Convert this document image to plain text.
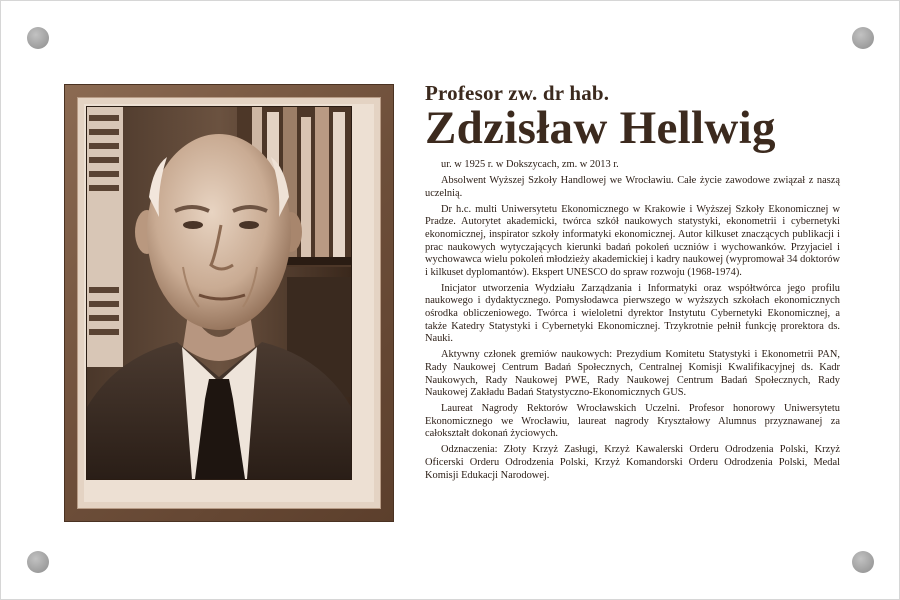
Profesor zw. dr hab.
Zdzisław Hellwig

ur. w 1925 r. w Dokszycach, zm. w 2013 r.

Absolwent Wyższej Szkoły Handlowej we Wrocławiu. Całe życie zawodowe związał z naszą uczelnią.

Dr h.c. multi Uniwersytetu Ekonomicznego w Krakowie i Wyższej Szkoły Ekonomicznej w Pradze. Autorytet akademicki, twórca szkół naukowych statystyki, ekonometrii i cybernetyki ekonomicznej, inspirator szkoły informatyki ekonomicznej. Autor kilkuset znaczących publikacji i prac naukowych wytyczających kierunki badań pokoleń uczniów i wychowanków. Przyjaciel i wychowawca wielu pokoleń młodzieży akademickiej i kadry naukowej (wypromował 34 doktorów i kilkuset dyplomantów). Ekspert UNESCO do spraw rozwoju (1968-1974).

Inicjator utworzenia Wydziału Zarządzania i Informatyki oraz współtwórca jego profilu naukowego i dydaktycznego. Pomysłodawca pierwszego w wyższych szkołach ekonomicznych ośrodka obliczeniowego. Twórca i wieloletni dyrektor Instytutu Cybernetyki Ekonomicznej, a także Katedry Statystyki i Cybernetyki Ekonomicznej. Trzykrotnie pełnił funkcję prorektora ds. Nauki.

Aktywny członek gremiów naukowych: Prezydium Komitetu Statystyki i Ekonometrii PAN, Rady Naukowej Centrum Badań Społecznych, Centralnej Komisji Kwalifikacyjnej ds. Kadr Naukowych, Rady Naukowej PWE, Rady Naukowej Centrum Badań Społecznych, Rady Naukowej Zakładu Badań Statystyczno-Ekonomicznych GUS.

Laureat Nagrody Rektorów Wrocławskich Uczelni. Profesor honorowy Uniwersytetu Ekonomicznego we Wrocławiu, laureat nagrody Kryształowy Alumnus przyznawanej za całokształt dokonań życiowych.

Odznaczenia: Złoty Krzyż Zasługi, Krzyż Kawalerski Orderu Odrodzenia Polski, Krzyż Oficerski Orderu Odrodzenia Polski, Krzyż Komandorski Orderu Odrodzenia Polski, Medal Komisji Edukacji Narodowej.
